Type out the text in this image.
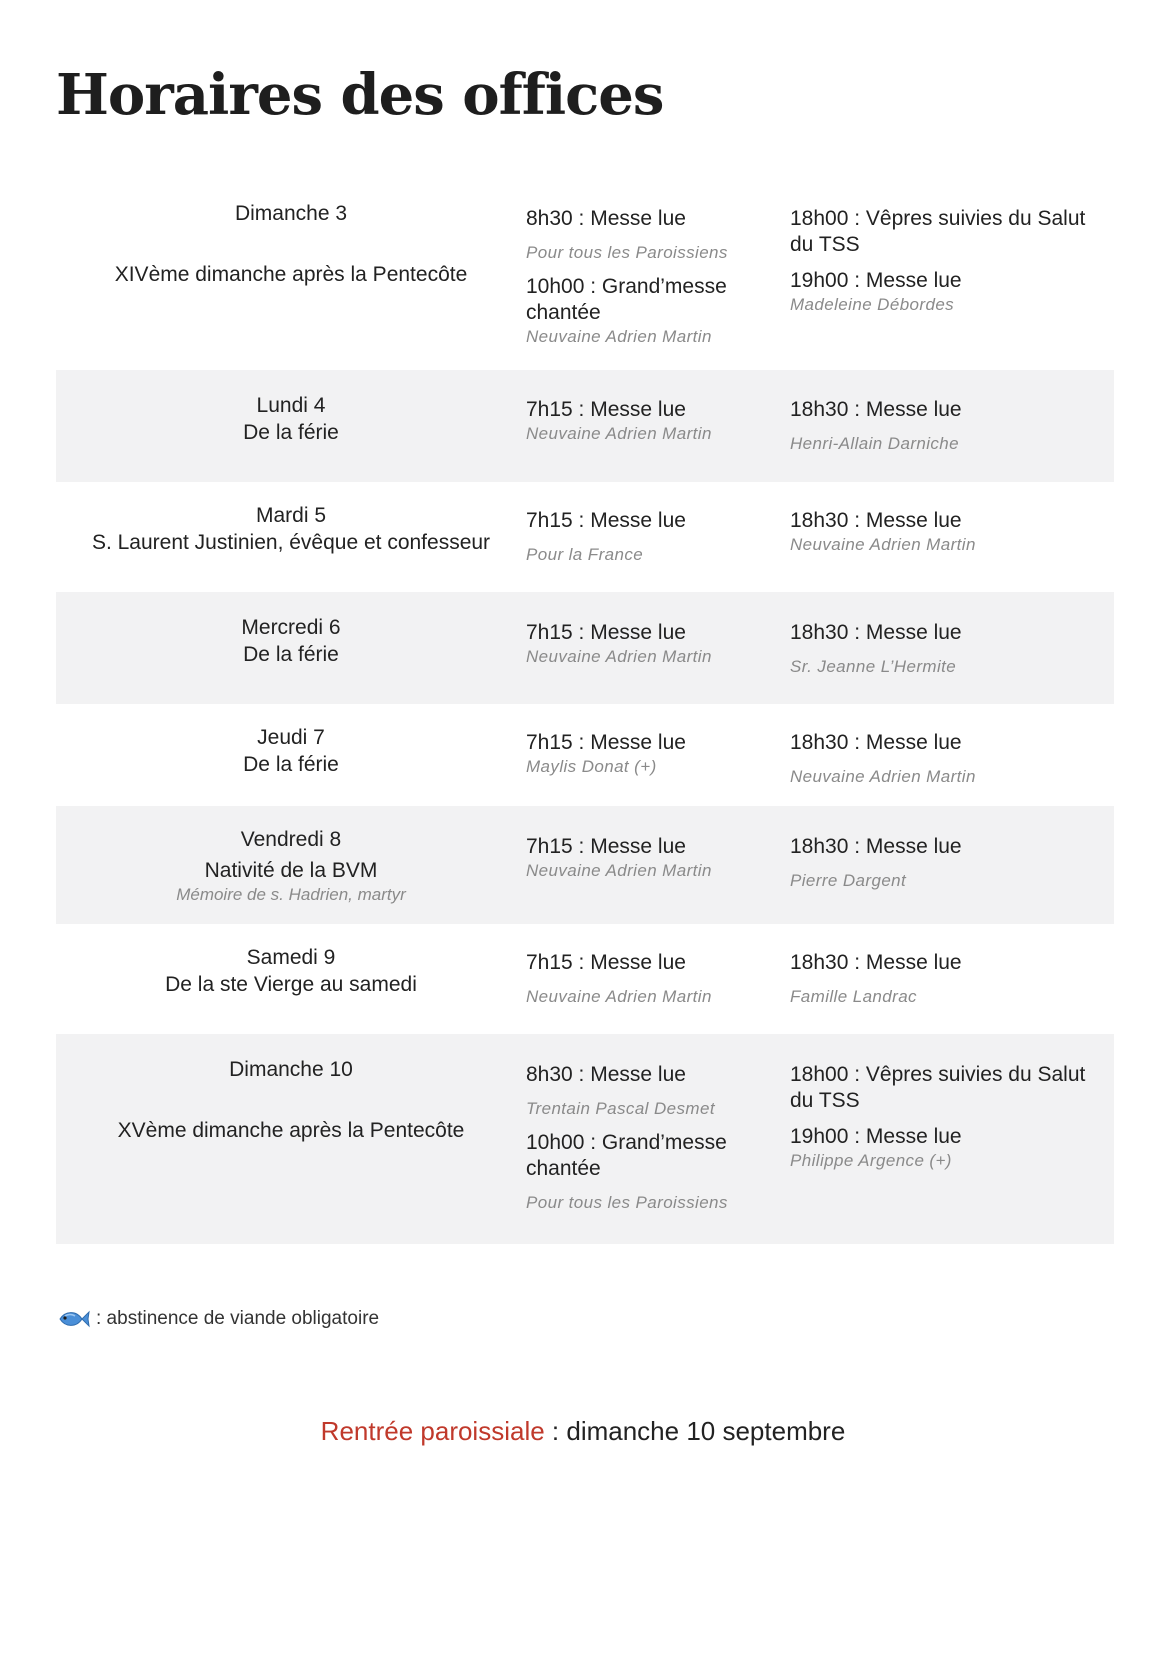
Horaires des offices
Dimanche 3
XIVème dimanche après la Pentecôte
8h30 : Messe lue
Pour tous les Paroissiens
10h00 : Grand’messe chantée
Neuvaine Adrien Martin
18h00 : Vêpres suivies du Salut du TSS
19h00 : Messe lue
Madeleine Débordes
Lundi 4
De la férie
7h15 : Messe lue
Neuvaine Adrien Martin
18h30 : Messe lue
Henri-Allain Darniche
Mardi 5
S. Laurent Justinien, évêque et confesseur
7h15 : Messe lue
Pour la France
18h30 : Messe lue
Neuvaine Adrien Martin
Mercredi 6
De la férie
7h15 : Messe lue
Neuvaine Adrien Martin
18h30 : Messe lue
Sr. Jeanne L’Hermite
Jeudi 7
De la férie
7h15 : Messe lue
Maylis Donat (+)
18h30 : Messe lue
Neuvaine Adrien Martin
Vendredi 8
Nativité de la BVM
Mémoire de s. Hadrien, martyr
7h15 : Messe lue
Neuvaine Adrien Martin
18h30 : Messe lue
Pierre Dargent
Samedi 9
De la ste Vierge au samedi
7h15 : Messe lue
Neuvaine Adrien Martin
18h30 : Messe lue
Famille Landrac
Dimanche 10
XVème dimanche après la Pentecôte
8h30 : Messe lue
Trentain Pascal Desmet
10h00 : Grand’messe chantée
Pour tous les Paroissiens
18h00 : Vêpres suivies du Salut du TSS
19h00 : Messe lue
Philippe Argence (+)
: abstinence de viande obligatoire
Rentrée paroissiale : dimanche 10 septembre
